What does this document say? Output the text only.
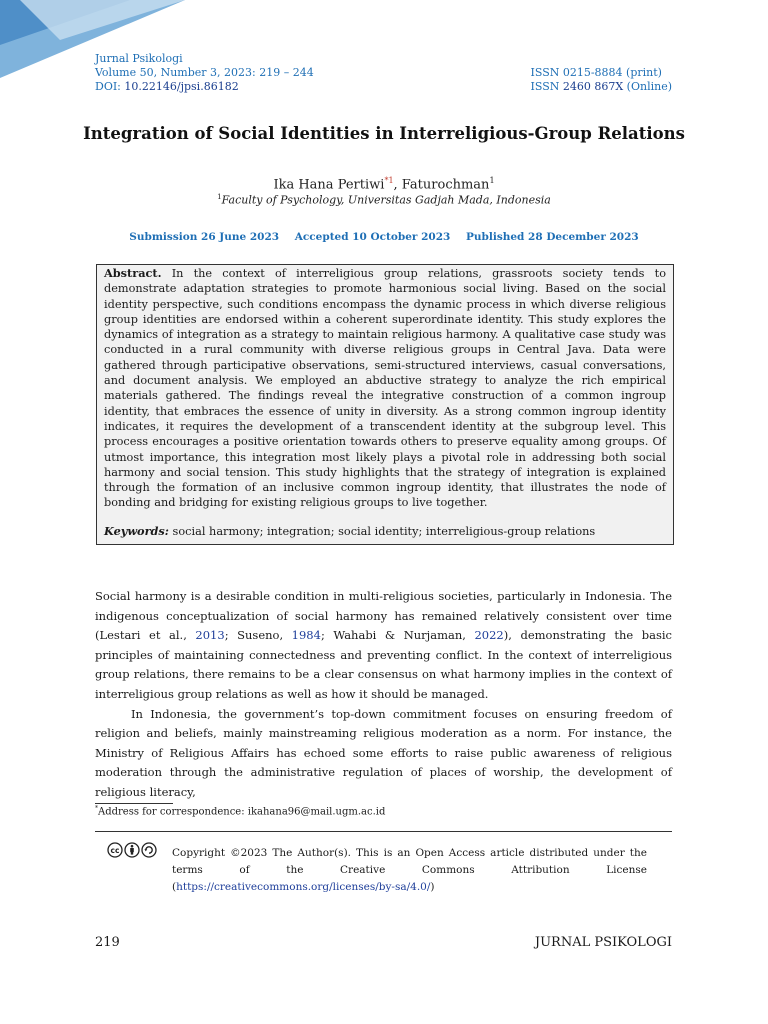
Jurnal Psikologi
Volume 50, Number 3, 2023: 219 – 244
DOI: 10.22146/jpsi.86182

ISSN 0215-8884 (print)
ISSN 2460 867X (Online)
Integration of Social Identities in Interreligious-Group Relations
Ika Hana Pertiwi$^{*1}$, Faturochman$^1$
$^1$Faculty of Psychology, Universitas Gadjah Mada, Indonesia
Submission 26 June 2023 Accepted 10 October 2023 Published 28 December 2023
Abstract. In the context of interreligious group relations, grassroots society tends to demonstrate adaptation strategies to promote harmonious social living. Based on the social identity perspective, such conditions encompass the dynamic process in which diverse religious group identities are endorsed within a coherent superordinate identity. This study explores the dynamics of integration as a strategy to maintain religious harmony. A qualitative case study was conducted in a rural community with diverse religious groups in Central Java. Data were gathered through participative observations, semi-structured interviews, casual conversations, and document analysis. We employed an abductive strategy to analyze the rich empirical materials gathered. The findings reveal the integrative construction of a common ingroup identity, that embraces the essence of unity in diversity. As a strong common ingroup identity indicates, it requires the development of a transcendent identity at the subgroup level. This process encourages a positive orientation towards others to preserve equality among groups. Of utmost importance, this integration most likely plays a pivotal role in addressing both social harmony and social tension. This study highlights that the strategy of integration is explained through the formation of an inclusive common ingroup identity, that illustrates the node of bonding and bridging for existing religious groups to live together.
Keywords: social harmony; integration; social identity; interreligious-group relations

Social harmony is a desirable condition in multi-religious societies, particularly in Indonesia. The indigenous conceptualization of social harmony has remained relatively consistent over time (Lestari et al., 2013; Suseno, 1984; Wahabi & Nurjaman, 2022), demonstrating the basic principles of maintaining connectedness and preventing conflict. In the context of interreligious group relations, there remains to be a clear consensus on what harmony implies in the context of interreligious group relations as well as how it should be managed.

In Indonesia, the government’s top-down commitment focuses on ensuring freedom of religion and beliefs, mainly mainstreaming religious moderation as a norm. For instance, the Ministry of Religious Affairs has echoed some efforts to raise public awareness of religious moderation through the administrative regulation of places of worship, the development of religious literacy,

*Address for correspondence: ikahana96@mail.ugm.ac.id
cc	Copyright ©2023 The Author(s). This is an Open Access article distributed under the terms of the Creative Commons Attribution License (https://creativecommons.org/licenses/by-sa/4.0/)
219	JURNAL PSIKOLOGI
